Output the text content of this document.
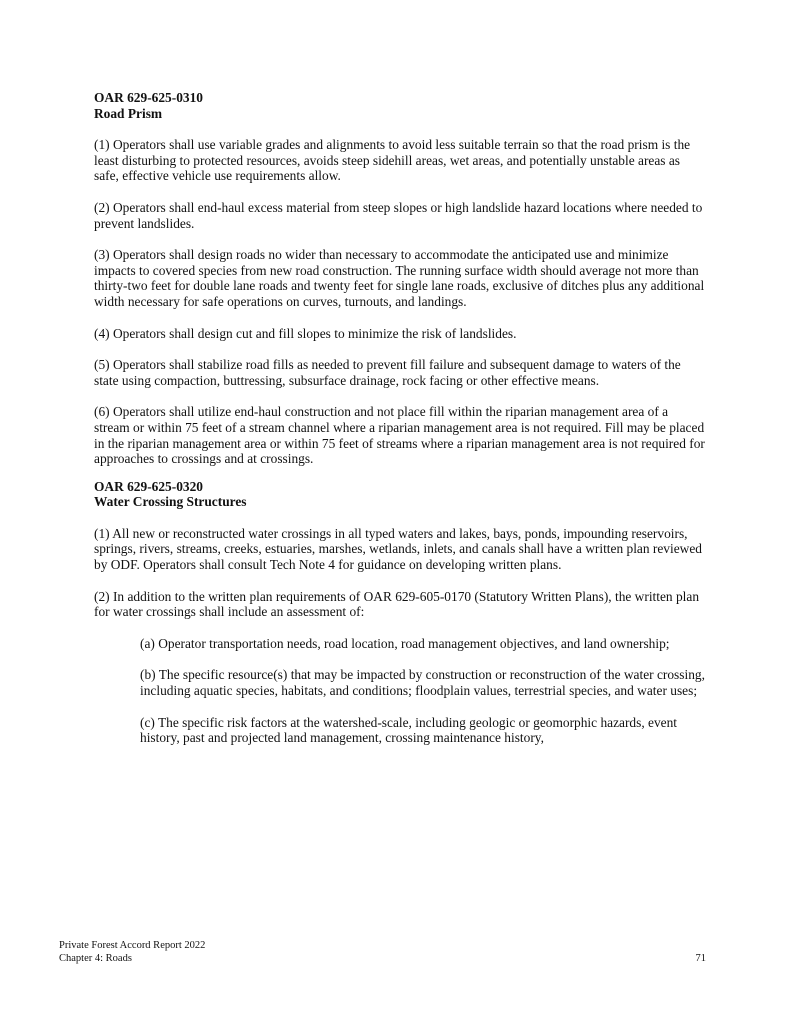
OAR 629-625-0310
Road Prism

(1) Operators shall use variable grades and alignments to avoid less suitable terrain so that the road prism is the least disturbing to protected resources, avoids steep sidehill areas, wet areas, and potentially unstable areas as safe, effective vehicle use requirements allow.

(2) Operators shall end-haul excess material from steep slopes or high landslide hazard locations where needed to prevent landslides.

(3) Operators shall design roads no wider than necessary to accommodate the anticipated use and minimize impacts to covered species from new road construction. The running surface width should average not more than thirty-two feet for double lane roads and twenty feet for single lane roads, exclusive of ditches plus any additional width necessary for safe operations on curves, turnouts, and landings.

(4) Operators shall design cut and fill slopes to minimize the risk of landslides.

(5) Operators shall stabilize road fills as needed to prevent fill failure and subsequent damage to waters of the state using compaction, buttressing, subsurface drainage, rock facing or other effective means.

(6) Operators shall utilize end-haul construction and not place fill within the riparian management area of a stream or within 75 feet of a stream channel where a riparian management area is not required. Fill may be placed in the riparian management area or within 75 feet of streams where a riparian management area is not required for approaches to crossings and at crossings.

OAR 629-625-0320
Water Crossing Structures

(1) All new or reconstructed water crossings in all typed waters and lakes, bays, ponds, impounding reservoirs, springs, rivers, streams, creeks, estuaries, marshes, wetlands, inlets, and canals shall have a written plan reviewed by ODF. Operators shall consult Tech Note 4 for guidance on developing written plans.

(2) In addition to the written plan requirements of OAR 629-605-0170 (Statutory Written Plans), the written plan for water crossings shall include an assessment of:

(a) Operator transportation needs, road location, road management objectives, and land ownership;

(b) The specific resource(s) that may be impacted by construction or reconstruction of the water crossing, including aquatic species, habitats, and conditions; floodplain values, terrestrial species, and water uses;

(c) The specific risk factors at the watershed-scale, including geologic or geomorphic hazards, event history, past and projected land management, crossing maintenance history,

Private Forest Accord Report 2022
Chapter 4: Roads	71
